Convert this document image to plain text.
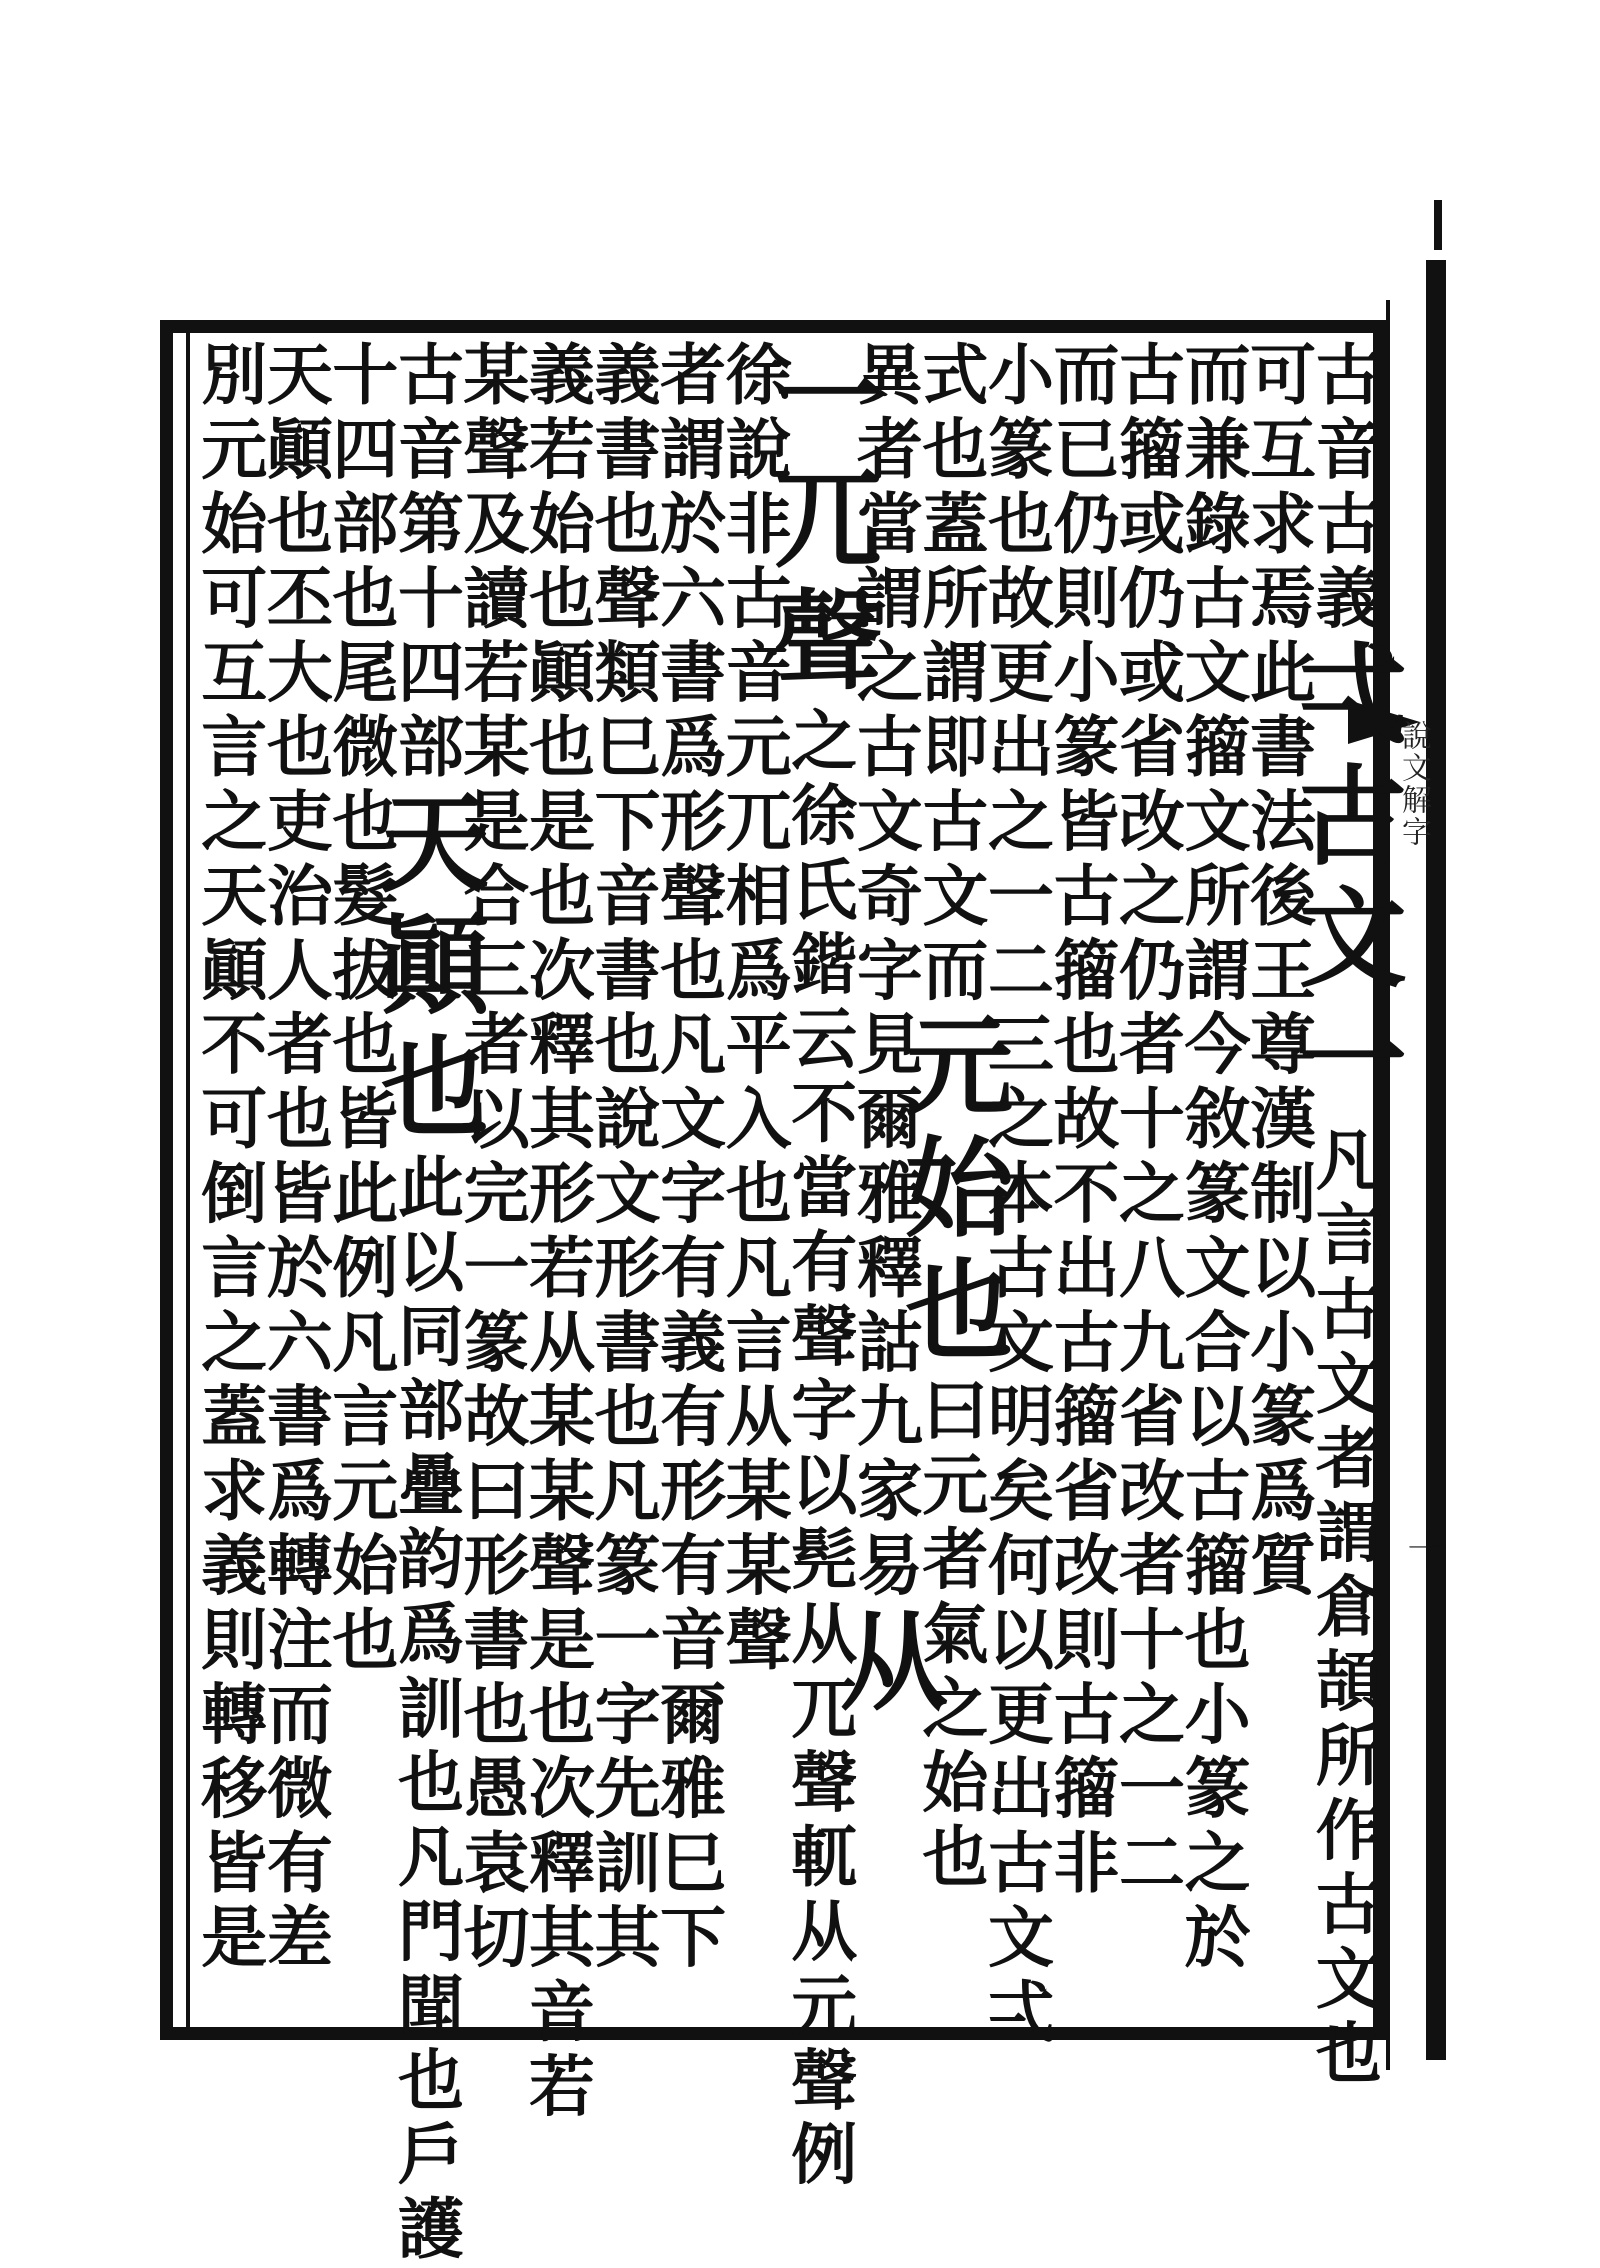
說文解字
十
古音古義弌古文一凡言古文者謂倉頡所作古文也
可互求焉此書法後王尊漢制以小篆爲質
而兼錄古文籀文所謂今敘篆文合以古籀也小篆之於
古籀或仍或省改之仍者十之八九省改者十之一二
而已仍則小篆皆古籀也故不出古籀省改則古籀非
小篆也故更出之一二三之本古文明矣何以更出古文弌
式也蓋所謂即古文而元始也曰元者氣之始也
異者當謂之古文奇字見爾雅釋詁九家易从
一兀聲之徐氏鍇云不當有聲字以髡从兀聲軏从元聲例
徐說非古音元兀相爲平入也凡言从某某聲
者謂於六書爲形聲也凡文字有義有形有音爾雅巳下
義書也聲類巳下音書也說文形書也凡篆一字先訓其
義若始也顚也是也次釋其形若从某某聲是也次釋其音若
某聲及讀若某是合三者以完一篆故曰形書也愚袁切
古音第十四部天顚也此以同部疊韵爲訓也凡門聞也戶護
十四部也尾微也髮拔也皆此例凡言元始也
天顚也丕大也吏治人者也皆於六書爲轉注而微有差
別元始可互言之天顚不可倒言之蓋求義則轉移皆是
